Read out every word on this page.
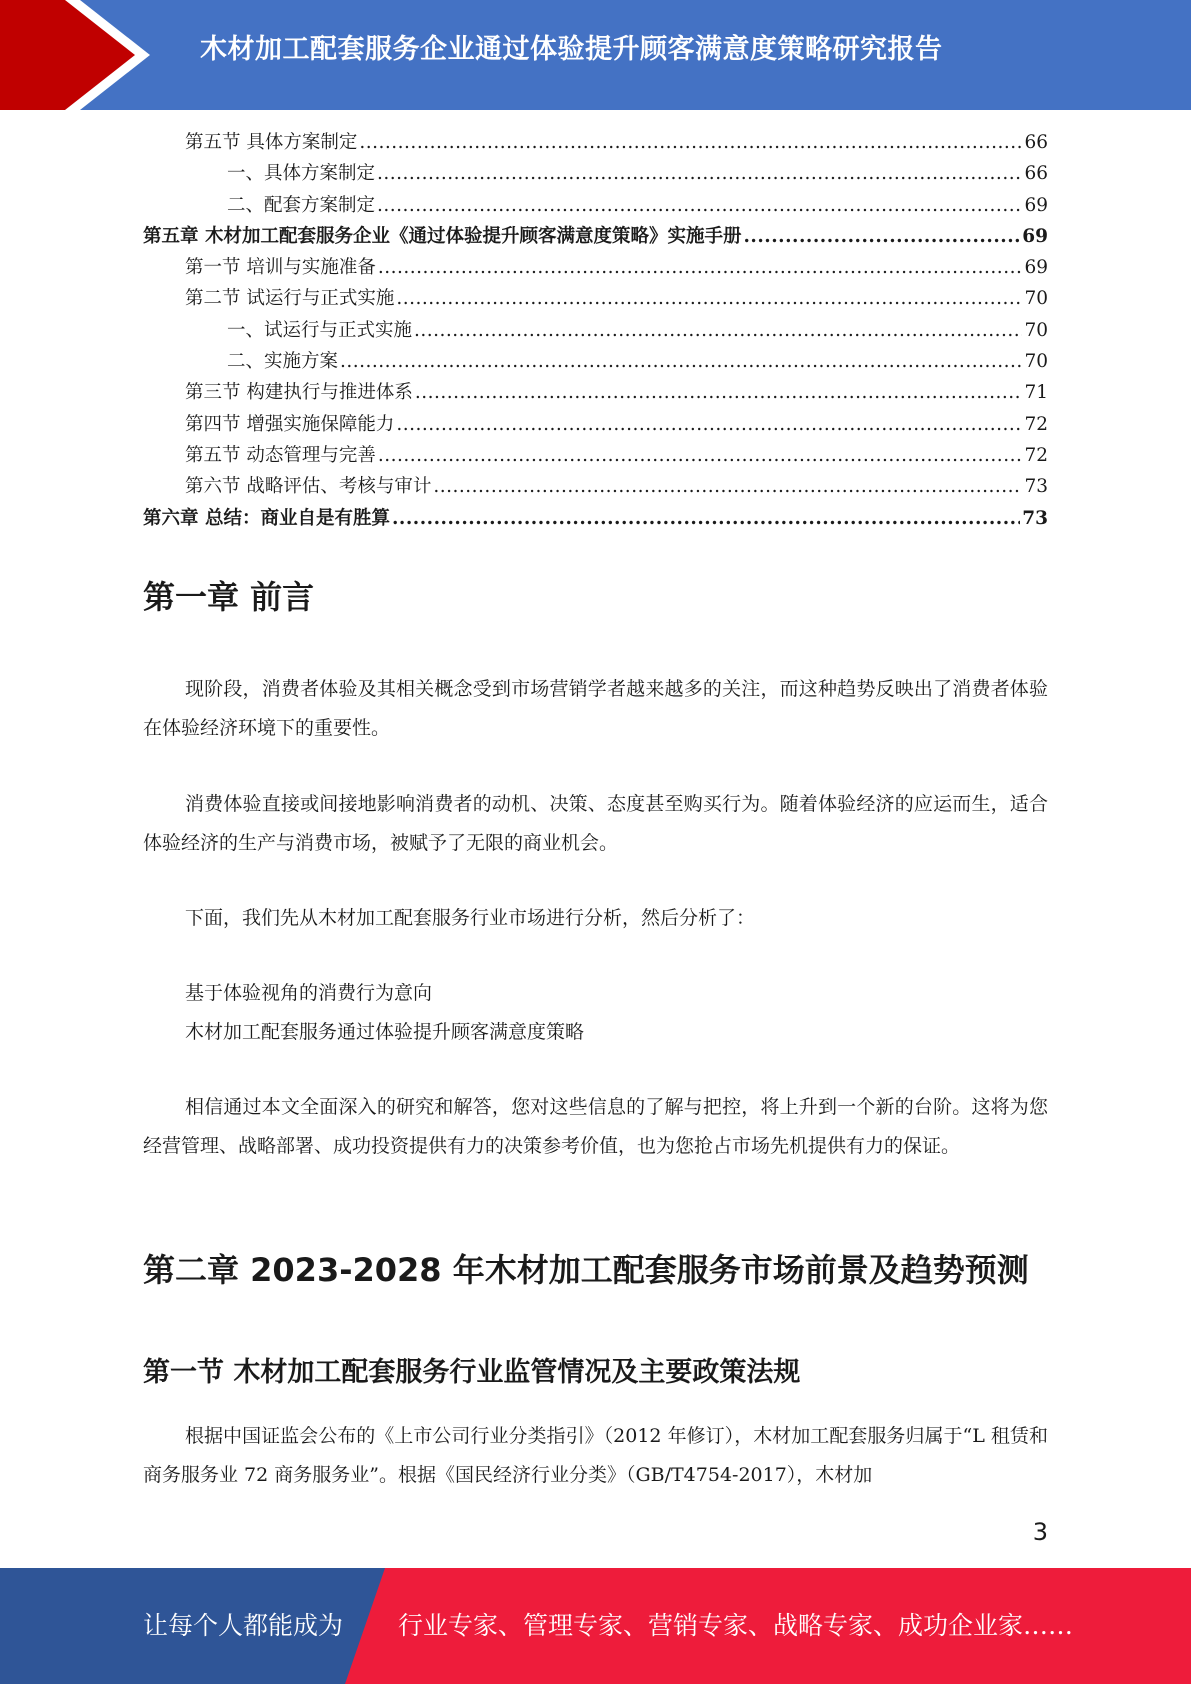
木材加工配套服务企业通过体验提升顾客满意度策略研究报告
第五节 具体方案制定 .....	66
一、具体方案制定 .....	66
二、配套方案制定 .....	69
第五章 木材加工配套服务企业《通过体验提升顾客满意度策略》实施手册 .....	69
第一节 培训与实施准备 .....	69
第二节 试运行与正式实施 .....	70
一、试运行与正式实施 .....	70
二、实施方案 .....	70
第三节 构建执行与推进体系 .....	71
第四节 增强实施保障能力 .....	72
第五节 动态管理与完善 .....	72
第六节 战略评估、考核与审计 .....	73
第六章 总结：商业自是有胜算 .....	73
第一章 前言

现阶段，消费者体验及其相关概念受到市场营销学者越来越多的关注，而这种趋势反映出了消费者体验在体验经济环境下的重要性。

消费体验直接或间接地影响消费者的动机、决策、态度甚至购买行为。随着体验经济的应运而生，适合体验经济的生产与消费市场，被赋予了无限的商业机会。

下面，我们先从木材加工配套服务行业市场进行分析，然后分析了：

基于体验视角的消费行为意向

木材加工配套服务通过体验提升顾客满意度策略

相信通过本文全面深入的研究和解答，您对这些信息的了解与把控，将上升到一个新的台阶。这将为您经营管理、战略部署、成功投资提供有力的决策参考价值，也为您抢占市场先机提供有力的保证。

第二章 2023-2028 年木材加工配套服务市场前景及趋势预测
第一节 木材加工配套服务行业监管情况及主要政策法规

根据中国证监会公布的《上市公司行业分类指引》（2012 年修订），木材加工配套服务归属于“L 租赁和商务服务业 72 商务服务业”。根据《国民经济行业分类》（GB/T4754-2017），木材加

3
让每个人都能成为 行业专家、管理专家、营销专家、战略专家、成功企业家……
